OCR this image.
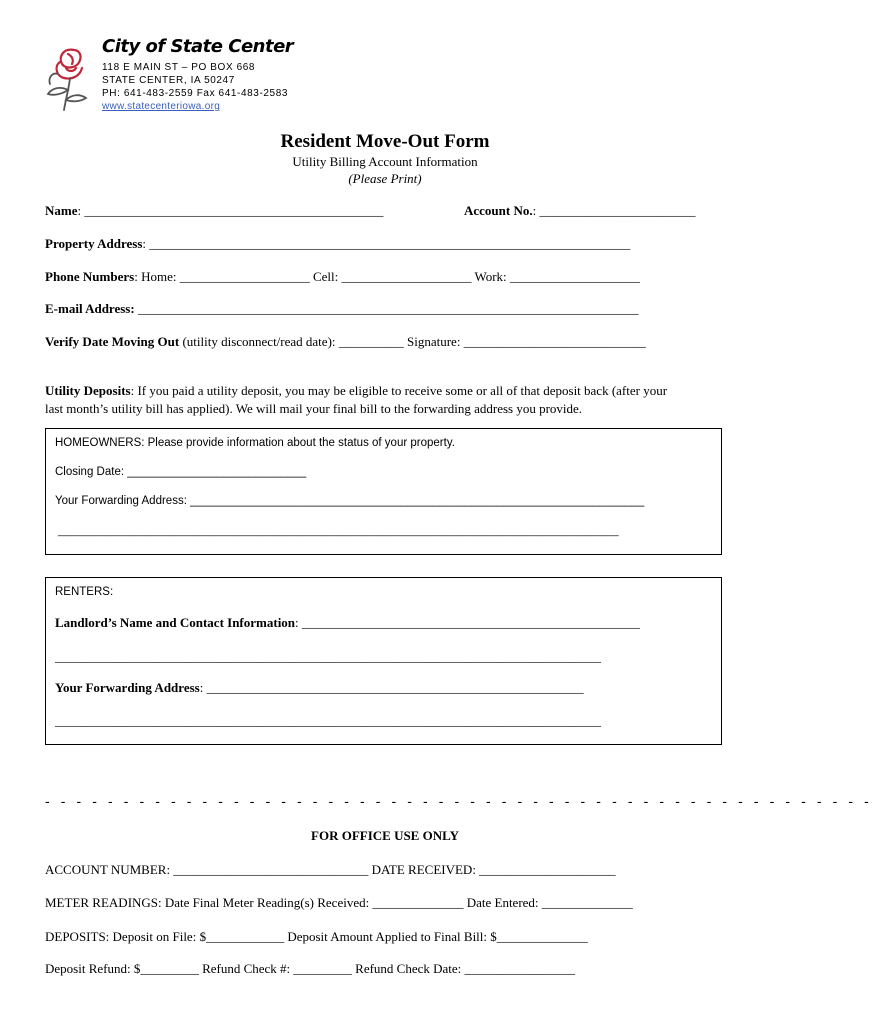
City of State Center
118 E MAIN ST – PO BOX 668
STATE CENTER, IA 50247
PH: 641-483-2559 Fax 641-483-2583
www.statecenteriowa.org
Resident Move-Out Form
Utility Billing Account Information
(Please Print)
Name: ______________________________________________	Account No.: ________________________
Property Address: __________________________________________________________________________
Phone Numbers: Home: ____________________ Cell: ____________________ Work: ____________________
E-mail Address: _____________________________________________________________________________
Verify Date Moving Out (utility disconnect/read date): __________ Signature: ____________________________
Utility Deposits: If you paid a utility deposit, you may be eligible to receive some or all of that deposit back (after your
last month’s utility bill has applied). We will mail your final bill to the forwarding address you provide.
HOMEOWNERS: Please provide information about the status of your property.
Closing Date: ____________________________
Your Forwarding Address: _______________________________________________________________________
________________________________________________________________________________________________
RENTERS:
Landlord’s Name and Contact Information: ____________________________________________________
____________________________________________________________________________________
Your Forwarding Address: __________________________________________________________
____________________________________________________________________________________
- - - - - - - - - - - - - - - - - - - - - - - - - - - - - - - - - - - - - - - - - - - - - - - - - - - - -
FOR OFFICE USE ONLY
ACCOUNT NUMBER: ______________________________ DATE RECEIVED: _____________________
METER READINGS: Date Final Meter Reading(s) Received: ______________ Date Entered: ______________
DEPOSITS: Deposit on File: $____________ Deposit Amount Applied to Final Bill: $______________
Deposit Refund: $_________ Refund Check #: _________ Refund Check Date: _________________
